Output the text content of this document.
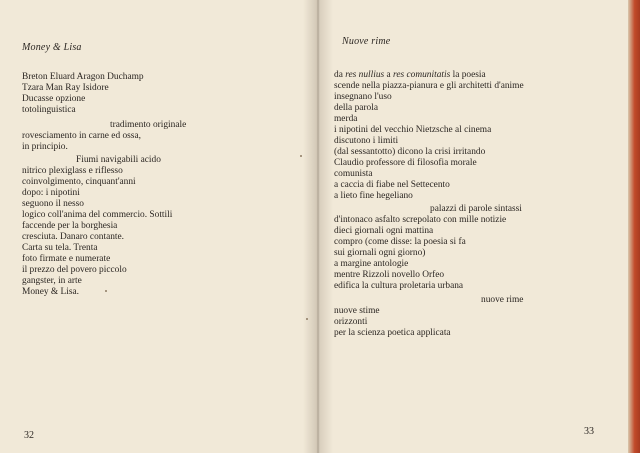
Money & Lisa
Breton Eluard Aragon Duchamp
Tzara Man Ray Isidore
Ducasse opzione
totolinguistica
tradimento originale
rovesciamento in carne ed ossa,
in principio.
Fiumi navigabili acido
nitrico plexiglass e riflesso
coinvolgimento, cinquant'anni
dopo: i nipotini
seguono il nesso
logico coll'anima del commercio. Sottili
faccende per la borghesia
cresciuta. Danaro contante.
Carta su tela. Trenta
foto firmate e numerate
il prezzo del povero piccolo
gangster, in arte
Money & Lisa.
32
Nuove rime
da res nullius a res comunitatis la poesia
scende nella piazza-pianura e gli architetti d'anime
insegnano l'uso
della parola
merda
i nipotini del vecchio Nietzsche al cinema
discutono i limiti
(dal sessantotto) dicono la crisi irritando
Claudio professore di filosofia morale
comunista
a caccia di fiabe nel Settecento
a lieto fine hegeliano
palazzi di parole sintassi
d'intonaco asfalto screpolato con mille notizie
dieci giornali ogni mattina
compro (come disse: la poesia si fa
sui giornali ogni giorno)
a margine antologie
mentre Rizzoli novello Orfeo
edifica la cultura proletaria urbana
nuove rime
nuove stime
orizzonti
per la scienza poetica applicata
33
